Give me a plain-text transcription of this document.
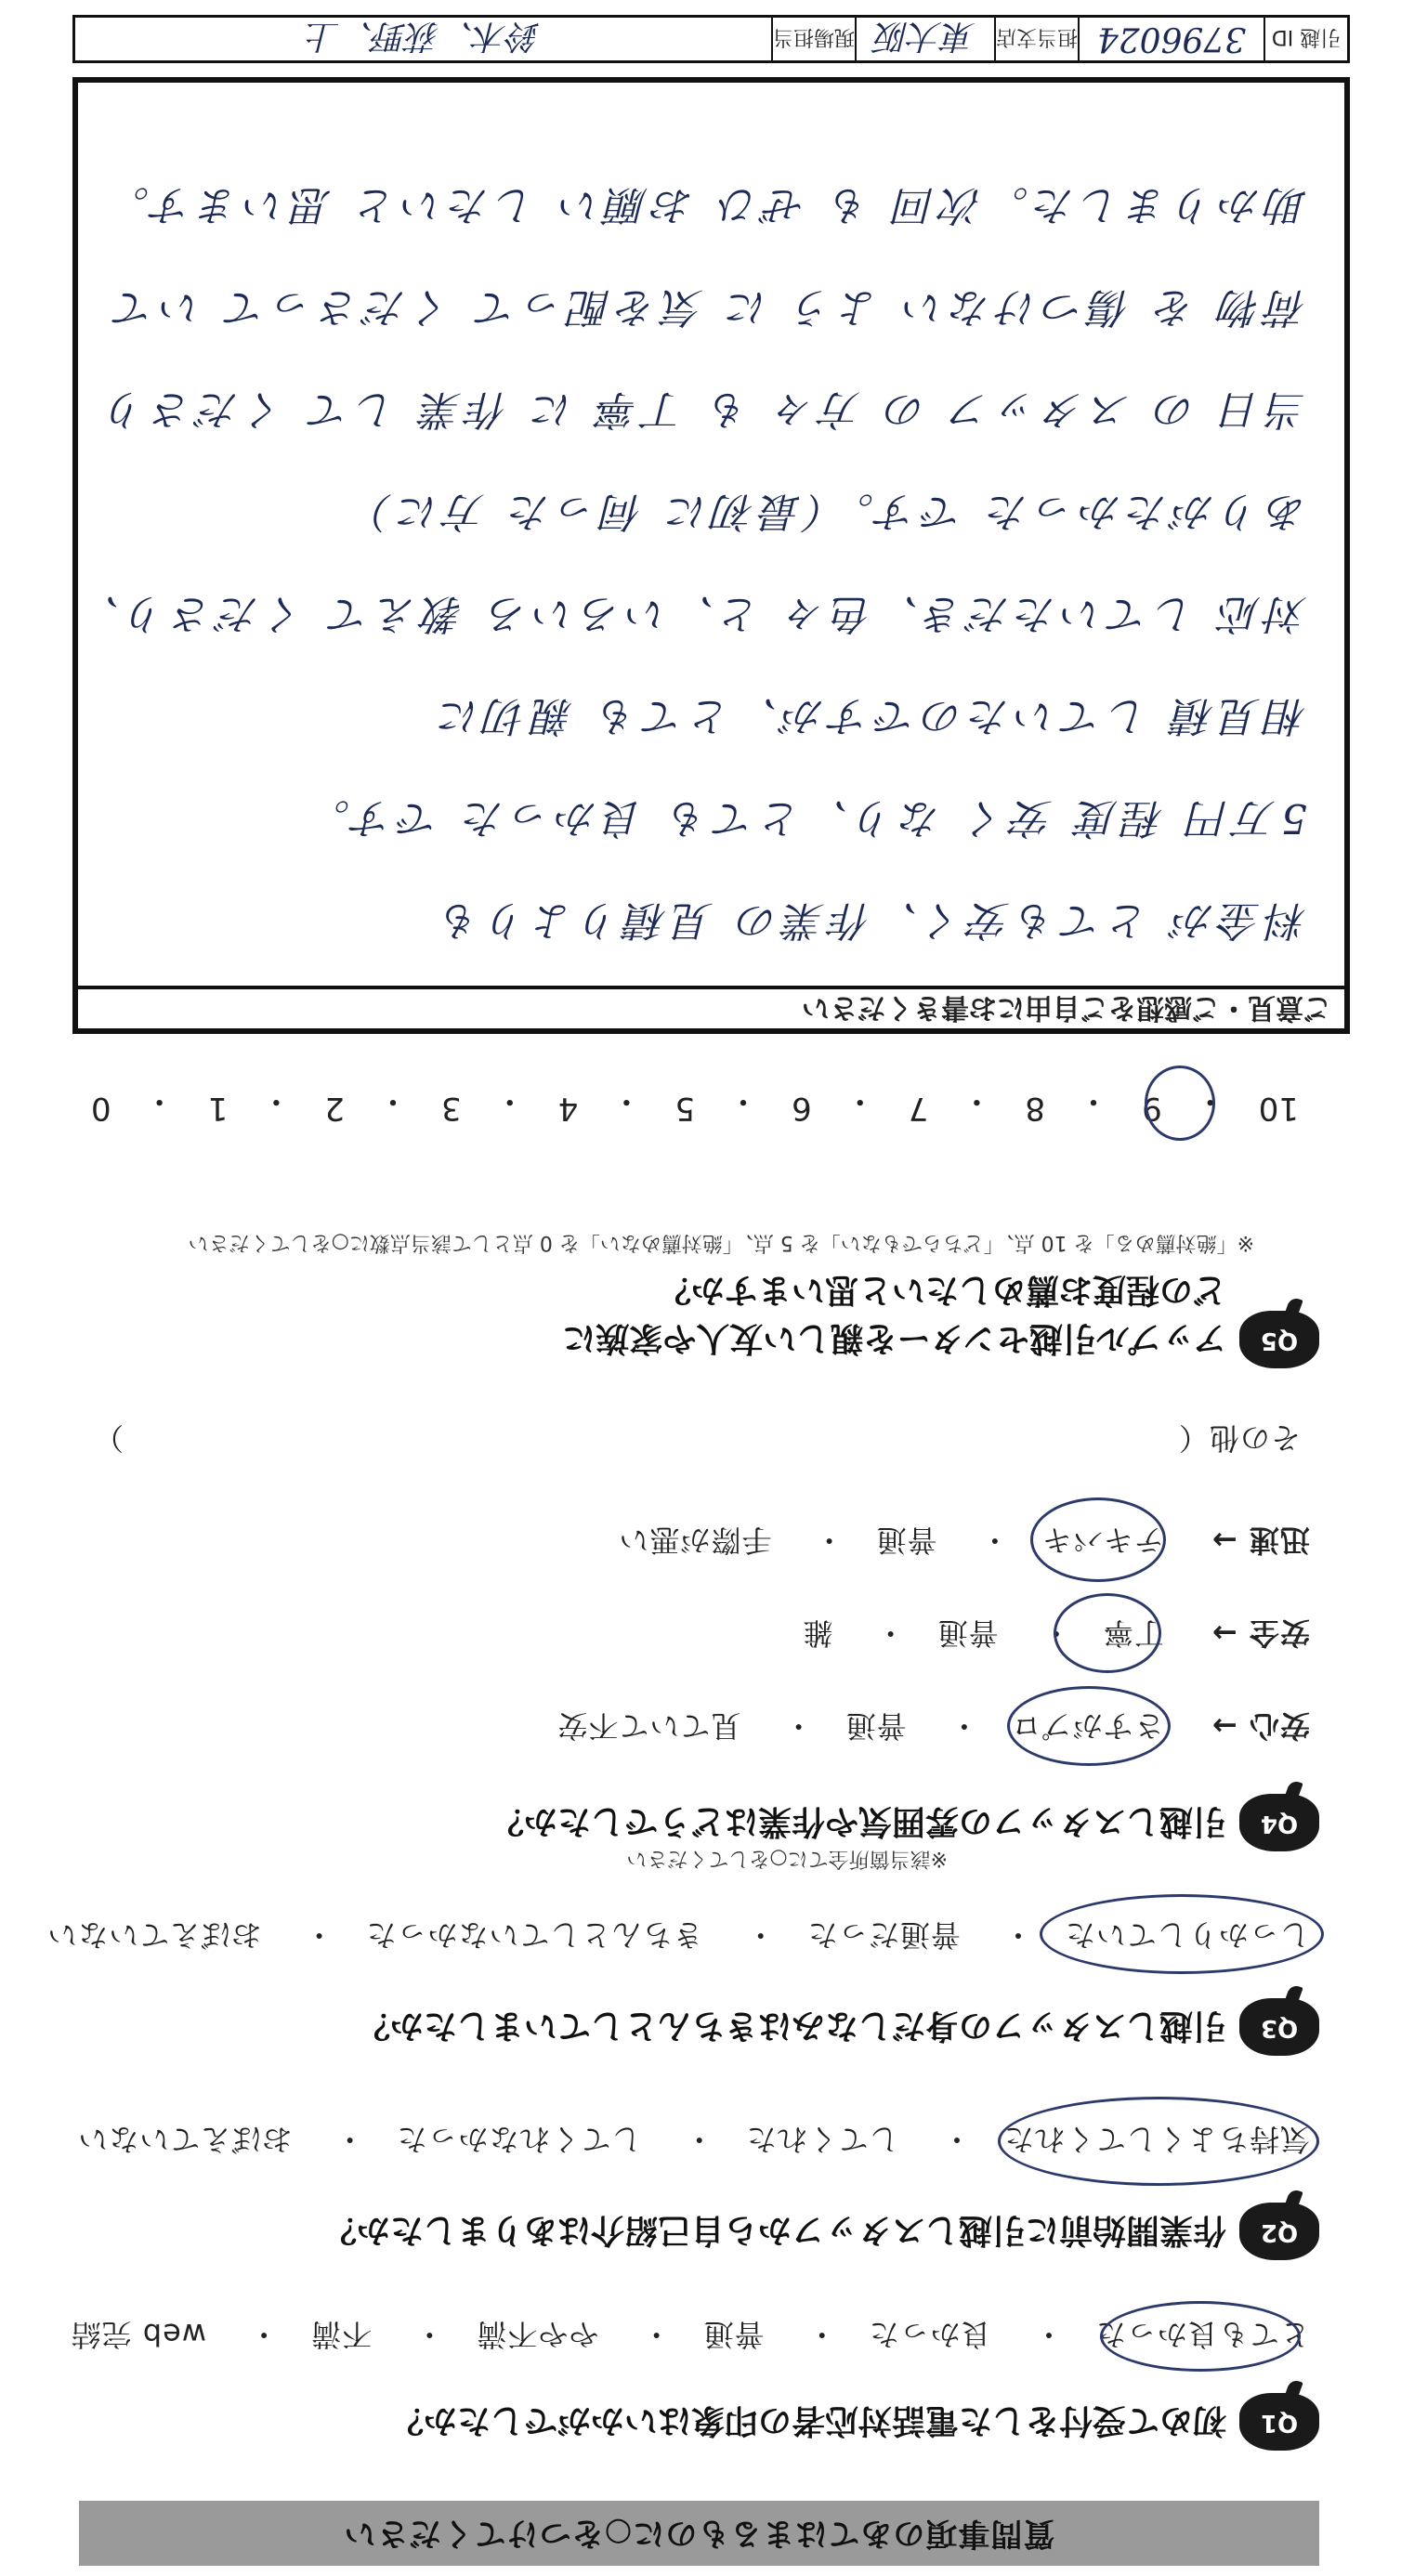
質問事項のあてはまるものに○をつけてください
Q1
初めて受付をした電話対応者の印象はいかがでしたか？
とても良かった・ 良かった・ 普通・ やや不満・ 不満・ web 完結
Q2
作業開始前に引越しスタッフから自己紹介はありましたか？
気持ちよくしてくれた・ してくれた・ してくれなかった・ おぼえていない
Q3
引越しスタッフの身だしなみはきちんとしていましたか？
しっかりしていた・ 普通だった・ きちんとしていなかった・ おぼえていない
Q4
引越しスタッフの雰囲気や作業はどうでしたか？
※該当箇所全てに○をしてください
安心 → さすがプロ・ 普通・ 見ていて不安
安全 → 丁寧・ 普通・ 雑
迅速 → テキパキ・ 普通・ 手際が悪い
その他（
）
Q5
アップル引越センターを親しい友人や家族に
どの程度お薦めしたいと思いますか？
※「絶対薦める」を 10 点、「どちらでもない」を 5 点、「絶対薦めない」を 0 点として該当点数に○をしてください
10
・
9
・
8
・
7
・
6
・
5
・
4
・
3
・
2
・
1
・
0
ご意見・ご感想をご自由にお書きください
料金が とても安く、作業の 見積りよりも
5万円 程度 安く なり、とても 良かった です。
相見積 していたのですが、とても 親切に
対応 していただき、色々 と、いろいろ 教えて くださり、
ありがたかった です。（最初に 伺った 方に）
当日 の スタッフ の 方々 も 丁寧 に 作業 して くださり
荷物 を 傷つけない よう に 気を配って くださって いて
助かりました。次回 も ぜひ お願い したいと 思います。
引越 ID
3796024
担当支店
東大阪
現場担当
鈴木、荻野、上
